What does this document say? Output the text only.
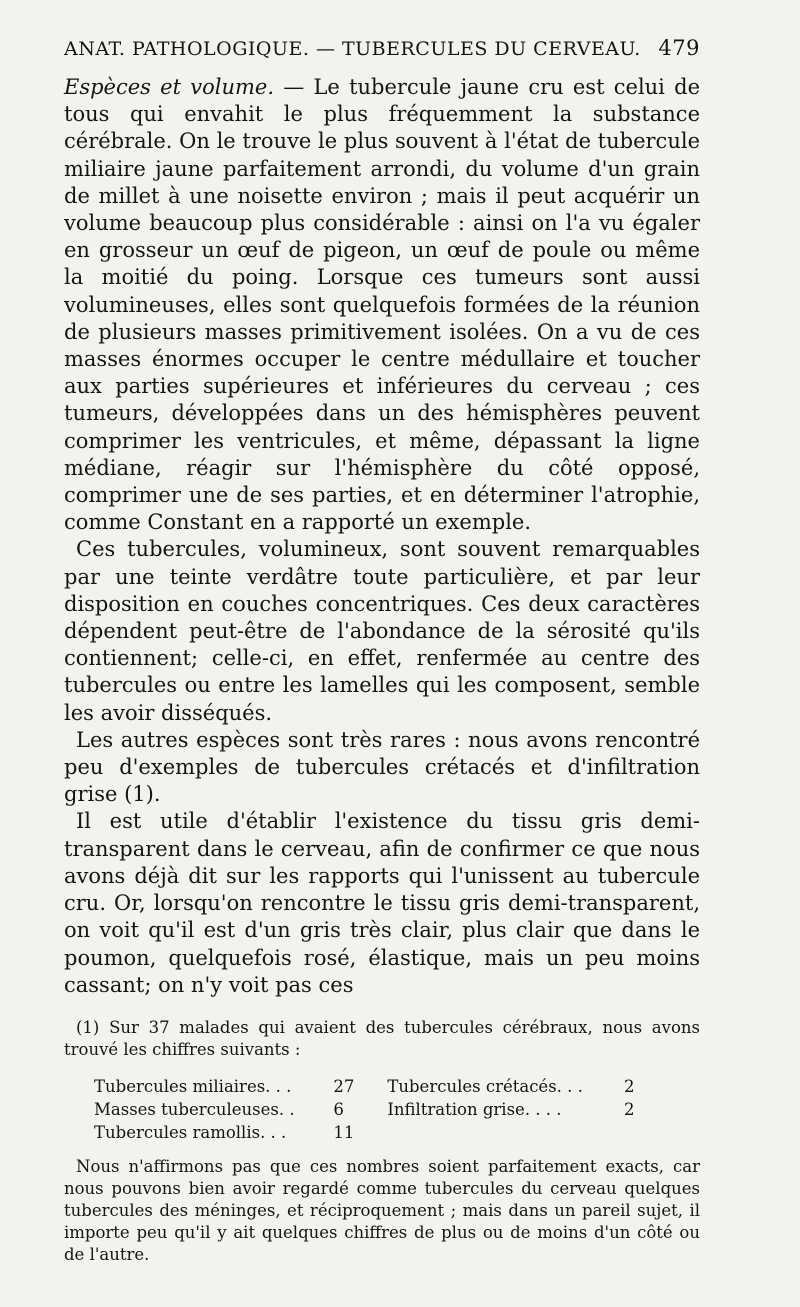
ANAT. PATHOLOGIQUE. — TUBERCULES DU CERVEAU. 479

Espèces et volume. — Le tubercule jaune cru est celui de tous qui envahit le plus fréquemment la substance cérébrale. On le trouve le plus souvent à l'état de tubercule miliaire jaune parfaitement arrondi, du volume d'un grain de millet à une noisette environ ; mais il peut acquérir un volume beaucoup plus considérable : ainsi on l'a vu égaler en grosseur un œuf de pigeon, un œuf de poule ou même la moitié du poing. Lorsque ces tumeurs sont aussi volumineuses, elles sont quelquefois formées de la réunion de plusieurs masses primitivement isolées. On a vu de ces masses énormes occuper le centre médullaire et toucher aux parties supérieures et inférieures du cerveau ; ces tumeurs, développées dans un des hémisphères peuvent comprimer les ventricules, et même, dépassant la ligne médiane, réagir sur l'hémisphère du côté opposé, comprimer une de ses parties, et en déterminer l'atrophie, comme Constant en a rapporté un exemple.

Ces tubercules, volumineux, sont souvent remarquables par une teinte verdâtre toute particulière, et par leur disposition en couches concentriques. Ces deux caractères dépendent peut-être de l'abondance de la sérosité qu'ils contiennent; celle-ci, en effet, renfermée au centre des tubercules ou entre les lamelles qui les composent, semble les avoir disséqués.

Les autres espèces sont très rares : nous avons rencontré peu d'exemples de tubercules crétacés et d'infiltration grise (1).

Il est utile d'établir l'existence du tissu gris demi-transparent dans le cerveau, afin de confirmer ce que nous avons déjà dit sur les rapports qui l'unissent au tubercule cru. Or, lorsqu'on rencontre le tissu gris demi-transparent, on voit qu'il est d'un gris très clair, plus clair que dans le poumon, quelquefois rosé, élastique, mais un peu moins cassant; on n'y voit pas ces

(1) Sur 37 malades qui avaient des tubercules cérébraux, nous avons trouvé les chiffres suivants :

Tubercules miliaires. . .	27	Tubercules crétacés. . .	2
Masses tuberculeuses. .	6	Infiltration grise. . . .	2
Tubercules ramollis. . .	11		

Nous n'affirmons pas que ces nombres soient parfaitement exacts, car nous pouvons bien avoir regardé comme tubercules du cerveau quelques tubercules des méninges, et réciproquement ; mais dans un pareil sujet, il importe peu qu'il y ait quelques chiffres de plus ou de moins d'un côté ou de l'autre.
